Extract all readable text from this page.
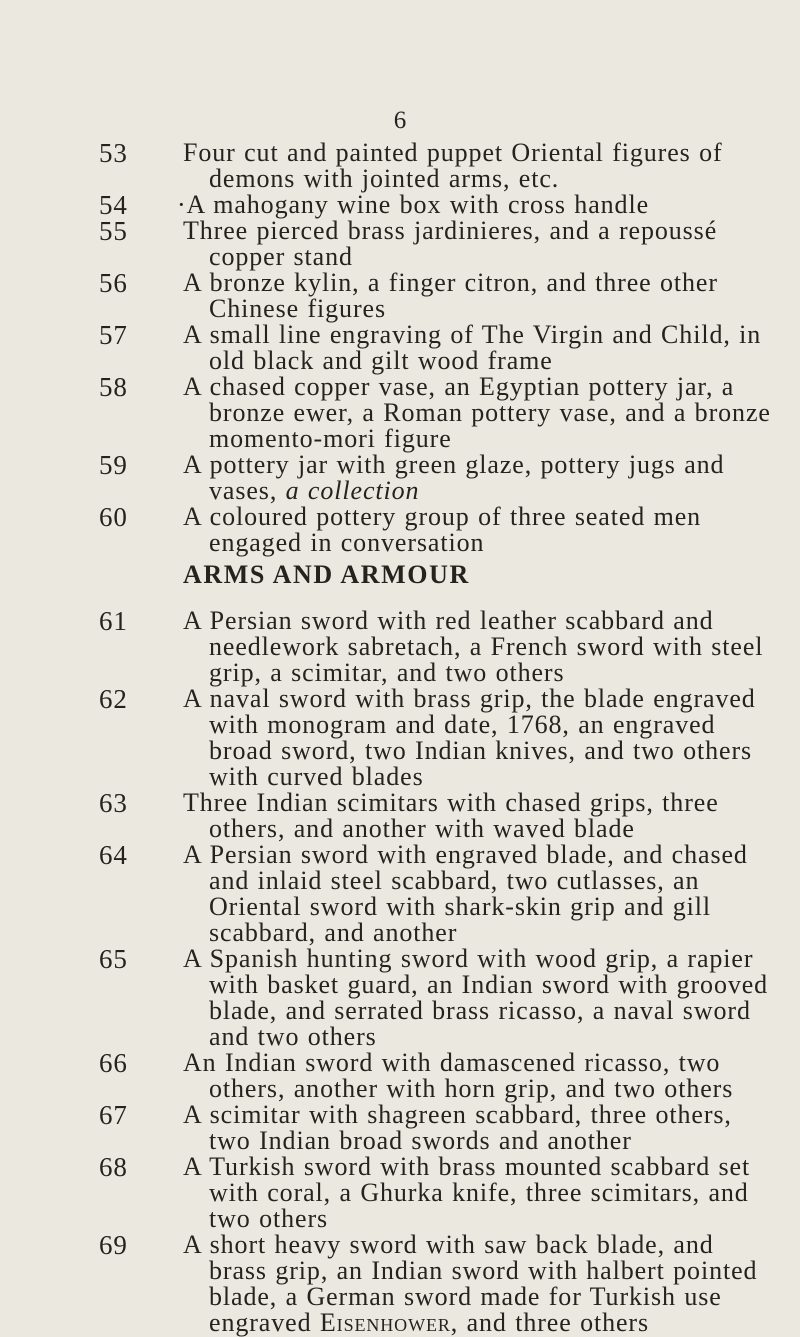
6
53	Four cut and painted puppet Oriental figures of demons with jointed arms, etc.
54	·A mahogany wine box with cross handle
55	Three pierced brass jardinieres, and a repoussé copper stand
56	A bronze kylin, a finger citron, and three other Chinese figures
57	A small line engraving of The Virgin and Child, in old black and gilt wood frame
58	A chased copper vase, an Egyptian pottery jar, a bronze ewer, a Roman pottery vase, and a bronze momento-mori figure
59	A pottery jar with green glaze, pottery jugs and vases, a collection
60	A coloured pottery group of three seated men engaged in conversation
ARMS AND ARMOUR
61	A Persian sword with red leather scabbard and needlework sabretach, a French sword with steel grip, a scimitar, and two others
62	A naval sword with brass grip, the blade engraved with monogram and date, 1768, an engraved broad sword, two Indian knives, and two others with curved blades
63	Three Indian scimitars with chased grips, three others, and another with waved blade
64	A Persian sword with engraved blade, and chased and inlaid steel scabbard, two cutlasses, an Oriental sword with shark-skin grip and gill scabbard, and another
65	A Spanish hunting sword with wood grip, a rapier with basket guard, an Indian sword with grooved blade, and serrated brass ricasso, a naval sword and two others
66	An Indian sword with damascened ricasso, two others, another with horn grip, and two others
67	A scimitar with shagreen scabbard, three others, two Indian broad swords and another
68	A Turkish sword with brass mounted scabbard set with coral, a Ghurka knife, three scimitars, and two others
69	A short heavy sword with saw back blade, and brass grip, an Indian sword with halbert pointed blade, a German sword made for Turkish use engraved Eisenhower, and three others
